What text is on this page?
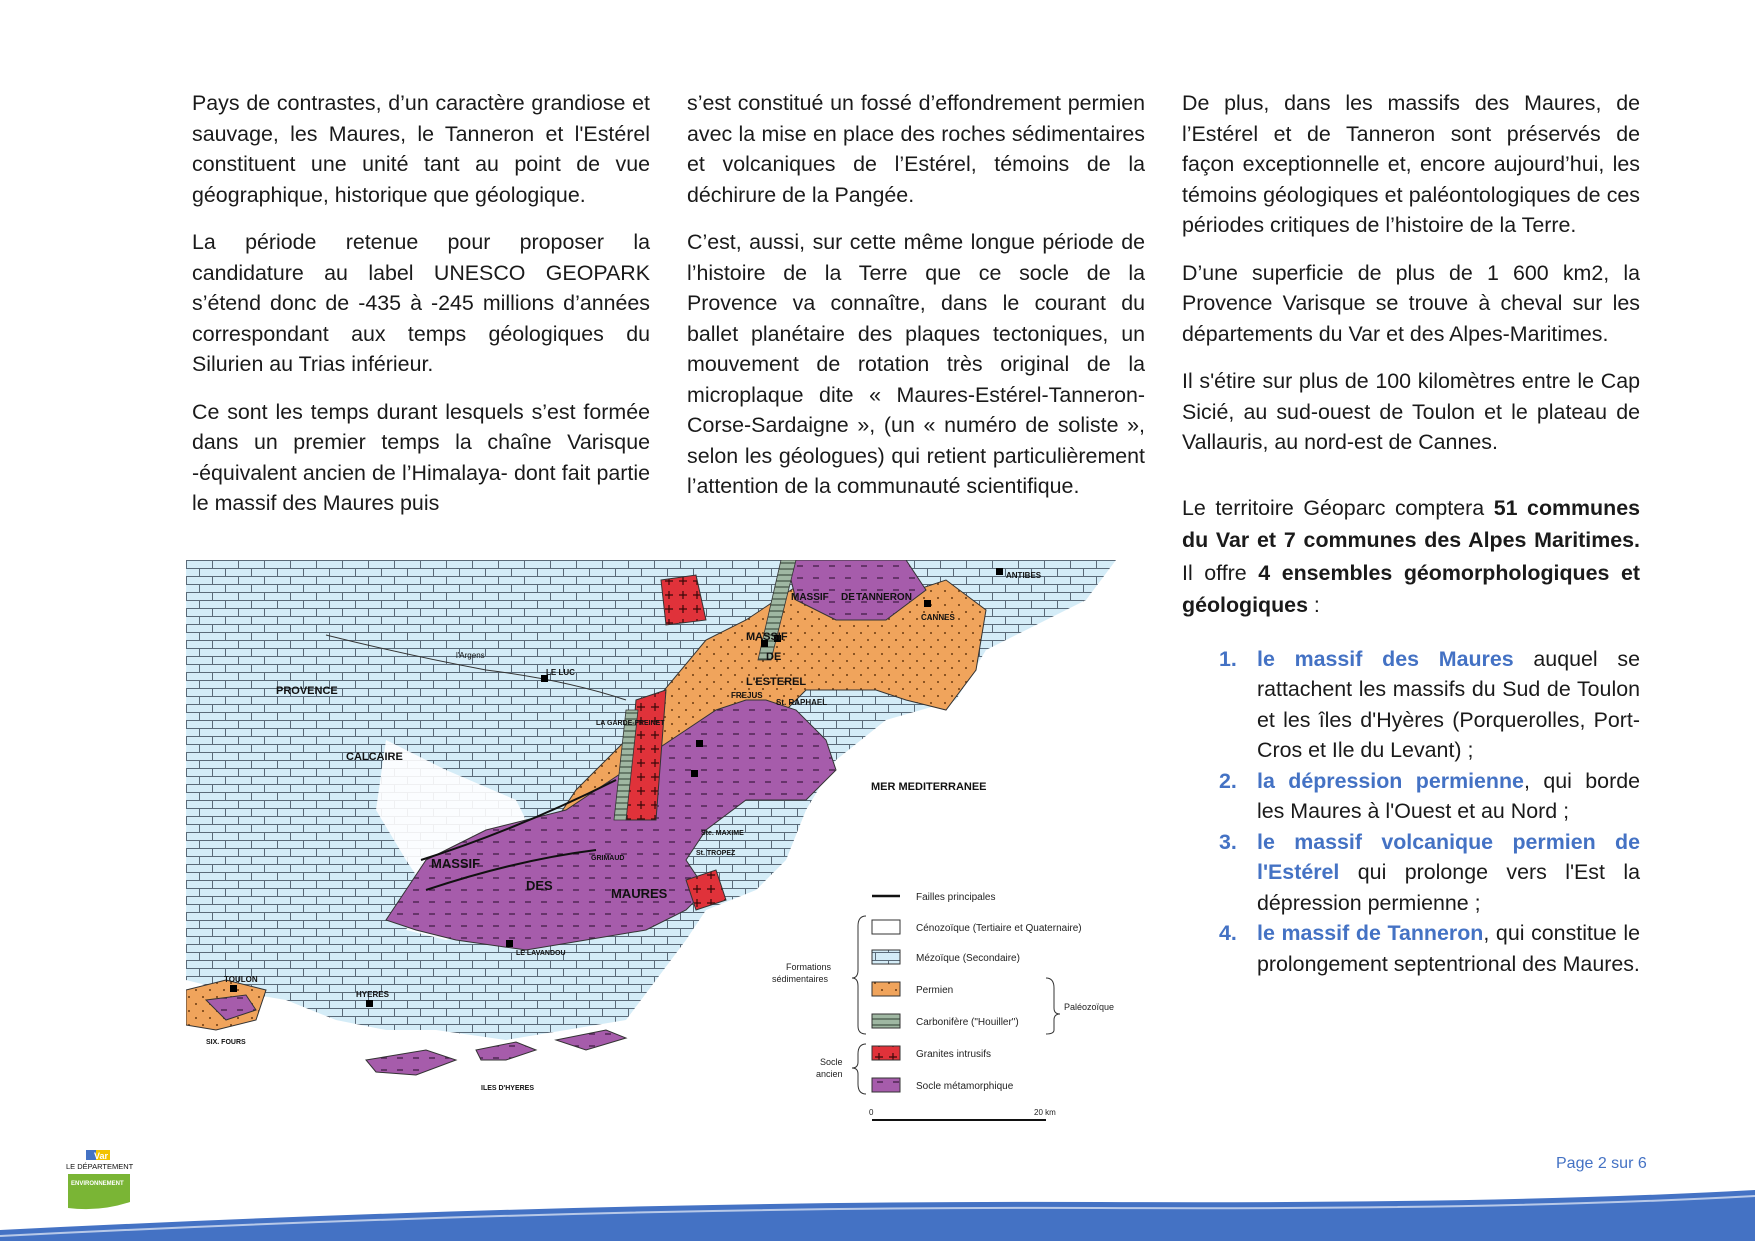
Pays de contrastes, d’un caractère grandiose et sauvage, les Maures, le Tanneron et l'Estérel constituent une unité tant au point de vue géographique, historique que géologique.

La période retenue pour proposer la candidature au label UNESCO GEOPARK s’étend donc de -435 à -245 millions d’années correspondant aux temps géologiques du Silurien au Trias inférieur.

Ce sont les temps durant lesquels s’est formée dans un premier temps la chaîne Varisque -équivalent ancien de l’Himalaya- dont fait partie le massif des Maures puis

s’est constitué un fossé d’effondrement permien avec la mise en place des roches sédimentaires et volcaniques de l’Estérel, témoins de la déchirure de la Pangée.

C’est, aussi, sur cette même longue période de l’histoire de la Terre que ce socle de la Provence va connaître, dans le courant du ballet planétaire des plaques tectoniques, un mouvement de rotation très original de la microplaque dite « Maures-Estérel-Tanneron-Corse-Sardaigne », (un « numéro de soliste », selon les géologues) qui retient particulièrement l’attention de la communauté scientifique.

De plus, dans les massifs des Maures, de l’Estérel et de Tanneron sont préservés de façon exceptionnelle et, encore aujourd’hui, les témoins géologiques et paléontologiques de ces périodes critiques de l’histoire de la Terre.

D’une superficie de plus de 1 600 km2, la Provence Varisque se trouve à cheval sur les départements du Var et des Alpes-Maritimes.

Il s'étire sur plus de 100 kilomètres entre le Cap Sicié, au sud-ouest de Toulon et le plateau de Vallauris, au nord-est de Cannes.

Le territoire Géoparc comptera 51 communes du Var et 7 communes des Alpes Maritimes. Il offre 4 ensembles géomorphologiques et géologiques :

1. le massif des Maures auquel se rattachent les massifs du Sud de Toulon et les îles d'Hyères (Porquerolles, Port-Cros et Ile du Levant) ;
2. la dépression permienne, qui borde les Maures à l'Ouest et au Nord ;
3. le massif volcanique permien de l'Estérel qui prolonge vers l'Est la dépression permienne ;
4. le massif de Tanneron, qui constitue le prolongement septentrional des Maures.
PROVENCE
CALCAIRE
l'Argens
LE LUC
LA GARDE-FREINET
MASSIF
DES
MAURES
MASSIF DE TANNERON
MASSIF
DE
L'ESTEREL
FREJUS
St. RAPHAEL
CANNES
ANTIBES
MER MEDITERRANEE
Ste. MAXIME
St. TROPEZ
GRIMAUD
LE LAVANDOU
TOULON
HYERES
SIX. FOURS
ILES D'HYERES
Failles principales
Cénozoïque (Tertiaire et Quaternaire)
Mézoïque (Secondaire)
Permien
Carbonifère ("Houiller")
Granites intrusifs
Socle métamorphique
Formations
sédimentaires
Paléozoïque
Socle
ancien
0	20 km
Var
LE DÉPARTEMENT
ENVIRONNEMENT
Page 2 sur 6
